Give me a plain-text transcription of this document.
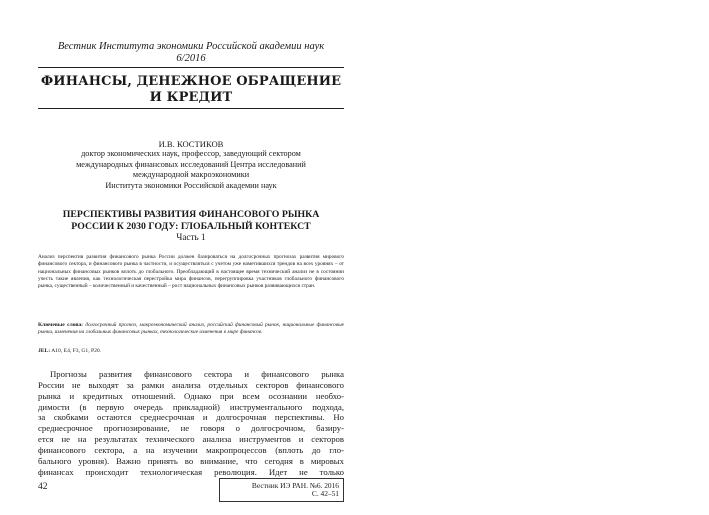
Вестник Института экономики Российской академии наук
6/2016
ФИНАНСЫ, ДЕНЕЖНОЕ ОБРАЩЕНИЕ
И КРЕДИТ
И.В. КОСТИКОВ
доктор экономических наук, профессор, заведующий сектором
международных финансовых исследований Центра исследований
международной макроэкономики
Института экономики Российской академии наук
ПЕРСПЕКТИВЫ РАЗВИТИЯ ФИНАНСОВОГО РЫНКА
РОССИИ К 2030 ГОДУ: ГЛОБАЛЬНЫЙ КОНТЕКСТ
Часть 1
Анализ перспектив развития финансового рынка России должен базироваться на долгосрочных прогнозах развития мирового финансового сектора, и финансового рынка в частности, и осуществляться с учетом уже наметившихся трендов на всех уровнях – от национальных финансовых рынков вплоть до глобального. Преобладающий в настоящее время технический анализ не в состоянии учесть такие явления, как технологическая перестройка мира финансов, перегруппировка участников глобального финансового рынка, существенный – количественный и качественный – рост национальных финансовых рынков развивающихся стран.
Ключевые слова: долгосрочный прогноз, макроэкономический анализ, российский финансовый рынок, национальные финансовые рынки, изменения на глобальных финансовых рынках, технологические изменения в мире финансов.
JEL: A10, E4, F3, G1, P20.
Прогнозы развития финансового сектора и финансового рынка
России не выходят за рамки анализа отдельных секторов финансового
рынка и кредитных отношений. Однако при всем осознании необхо-
димости (в первую очередь прикладной) инструментального подхода,
за скобками остаются среднесрочная и долгосрочная перспективы. Но
среднесрочное прогнозирование, не говоря о долгосрочном, базиру-
ется не на результатах технического анализа инструментов и секторов
финансового сектора, а на изучении макропроцессов (вплоть до гло-
бального уровня). Важно принять во внимание, что сегодня в мировых
финансах происходит технологическая революция. Идет не только
42	Вестник ИЭ РАН. №6. 2016
С. 42–51
